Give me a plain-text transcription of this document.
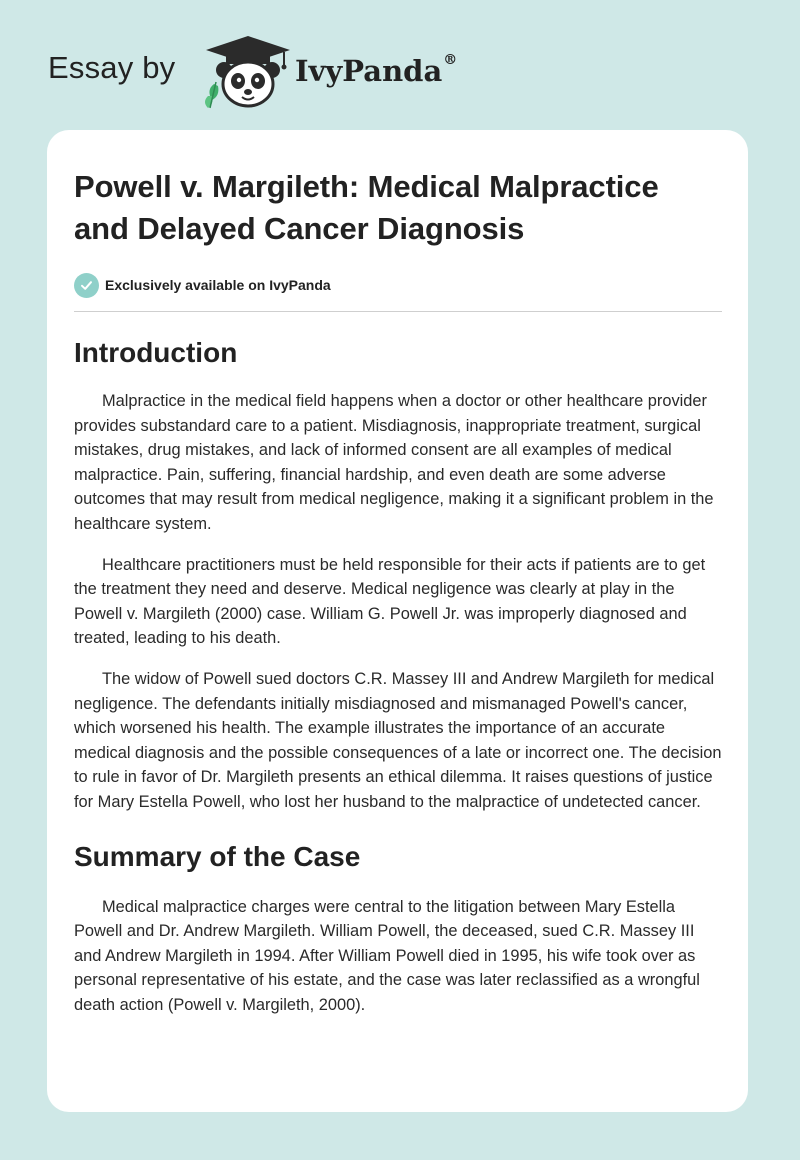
Essay by	IvyPanda®
Powell v. Margileth: Medical Malpractice
and Delayed Cancer Diagnosis
Exclusively available on IvyPanda
Introduction

Malpractice in the medical field happens when a doctor or other healthcare provider provides substandard care to a patient. Misdiagnosis, inappropriate treatment, surgical mistakes, drug mistakes, and lack of informed consent are all examples of medical malpractice. Pain, suffering, financial hardship, and even death are some adverse outcomes that may result from medical negligence, making it a significant problem in the healthcare system.

Healthcare practitioners must be held responsible for their acts if patients are to get the treatment they need and deserve. Medical negligence was clearly at play in the Powell v. Margileth (2000) case. William G. Powell Jr. was improperly diagnosed and treated, leading to his death.

The widow of Powell sued doctors C.R. Massey III and Andrew Margileth for medical negligence. The defendants initially misdiagnosed and mismanaged Powell's cancer, which worsened his health. The example illustrates the importance of an accurate medical diagnosis and the possible consequences of a late or incorrect one. The decision to rule in favor of Dr. Margileth presents an ethical dilemma. It raises questions of justice for Mary Estella Powell, who lost her husband to the malpractice of undetected cancer.

Summary of the Case

Medical malpractice charges were central to the litigation between Mary Estella Powell and Dr. Andrew Margileth. William Powell, the deceased, sued C.R. Massey III and Andrew Margileth in 1994. After William Powell died in 1995, his wife took over as personal representative of his estate, and the case was later reclassified as a wrongful death action (Powell v. Margileth, 2000).
